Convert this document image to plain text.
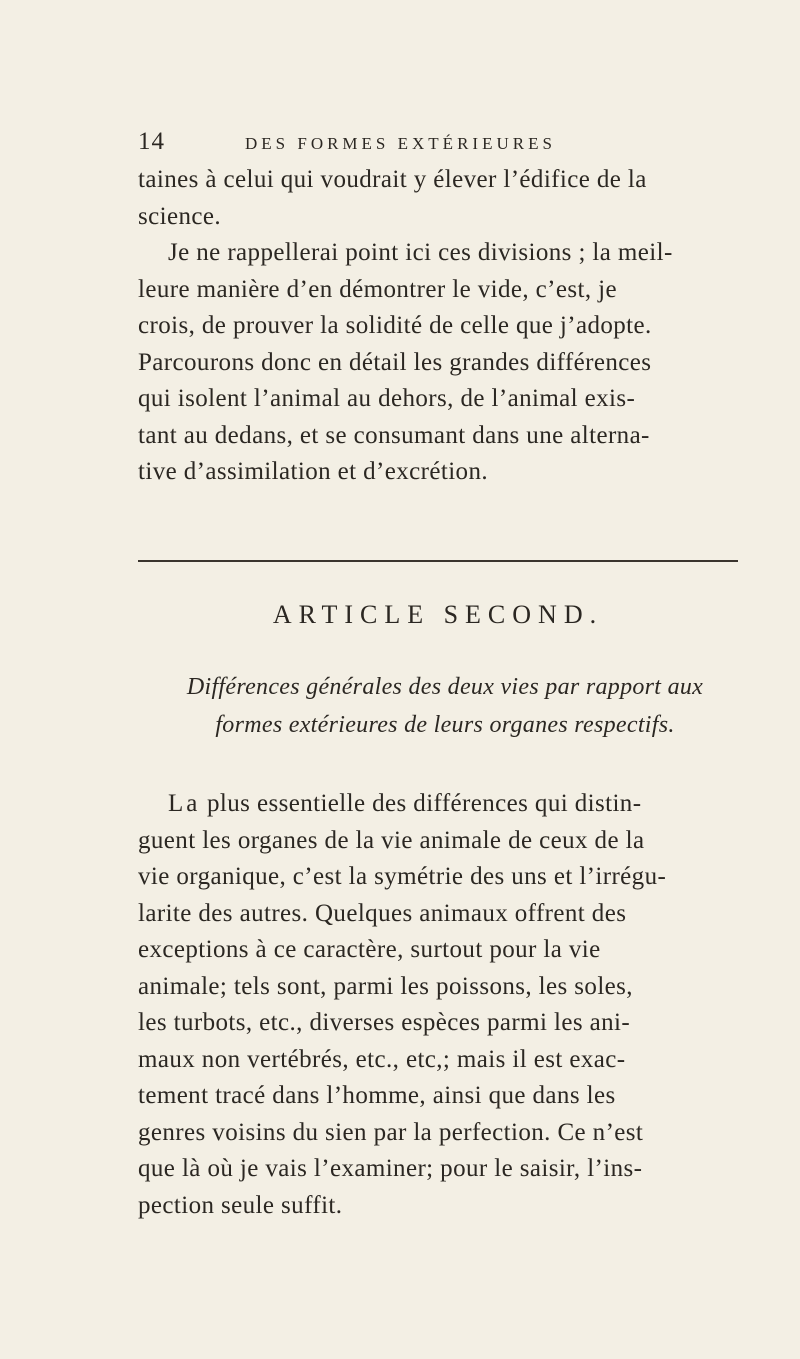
14	DES FORMES EXTÉRIEURES
taines à celui qui voudrait y élever l’édifice de la
science.
Je ne rappellerai point ici ces divisions ; la meil-
leure manière d’en démontrer le vide, c’est, je
crois, de prouver la solidité de celle que j’adopte.
Parcourons donc en détail les grandes différences
qui isolent l’animal au dehors, de l’animal exis-
tant au dedans, et se consumant dans une alterna-
tive d’assimilation et d’excrétion.
ARTICLE SECOND.
Différences générales des deux vies par rapport aux
formes extérieures de leurs organes respectifs.
La plus essentielle des différences qui distin-
guent les organes de la vie animale de ceux de la
vie organique, c’est la symétrie des uns et l’irrégu-
larite des autres. Quelques animaux offrent des
exceptions à ce caractère, surtout pour la vie
animale; tels sont, parmi les poissons, les soles,
les turbots, etc., diverses espèces parmi les ani-
maux non vertébrés, etc., etc,; mais il est exac-
tement tracé dans l’homme, ainsi que dans les
genres voisins du sien par la perfection. Ce n’est
que là où je vais l’examiner; pour le saisir, l’ins-
pection seule suffit.
